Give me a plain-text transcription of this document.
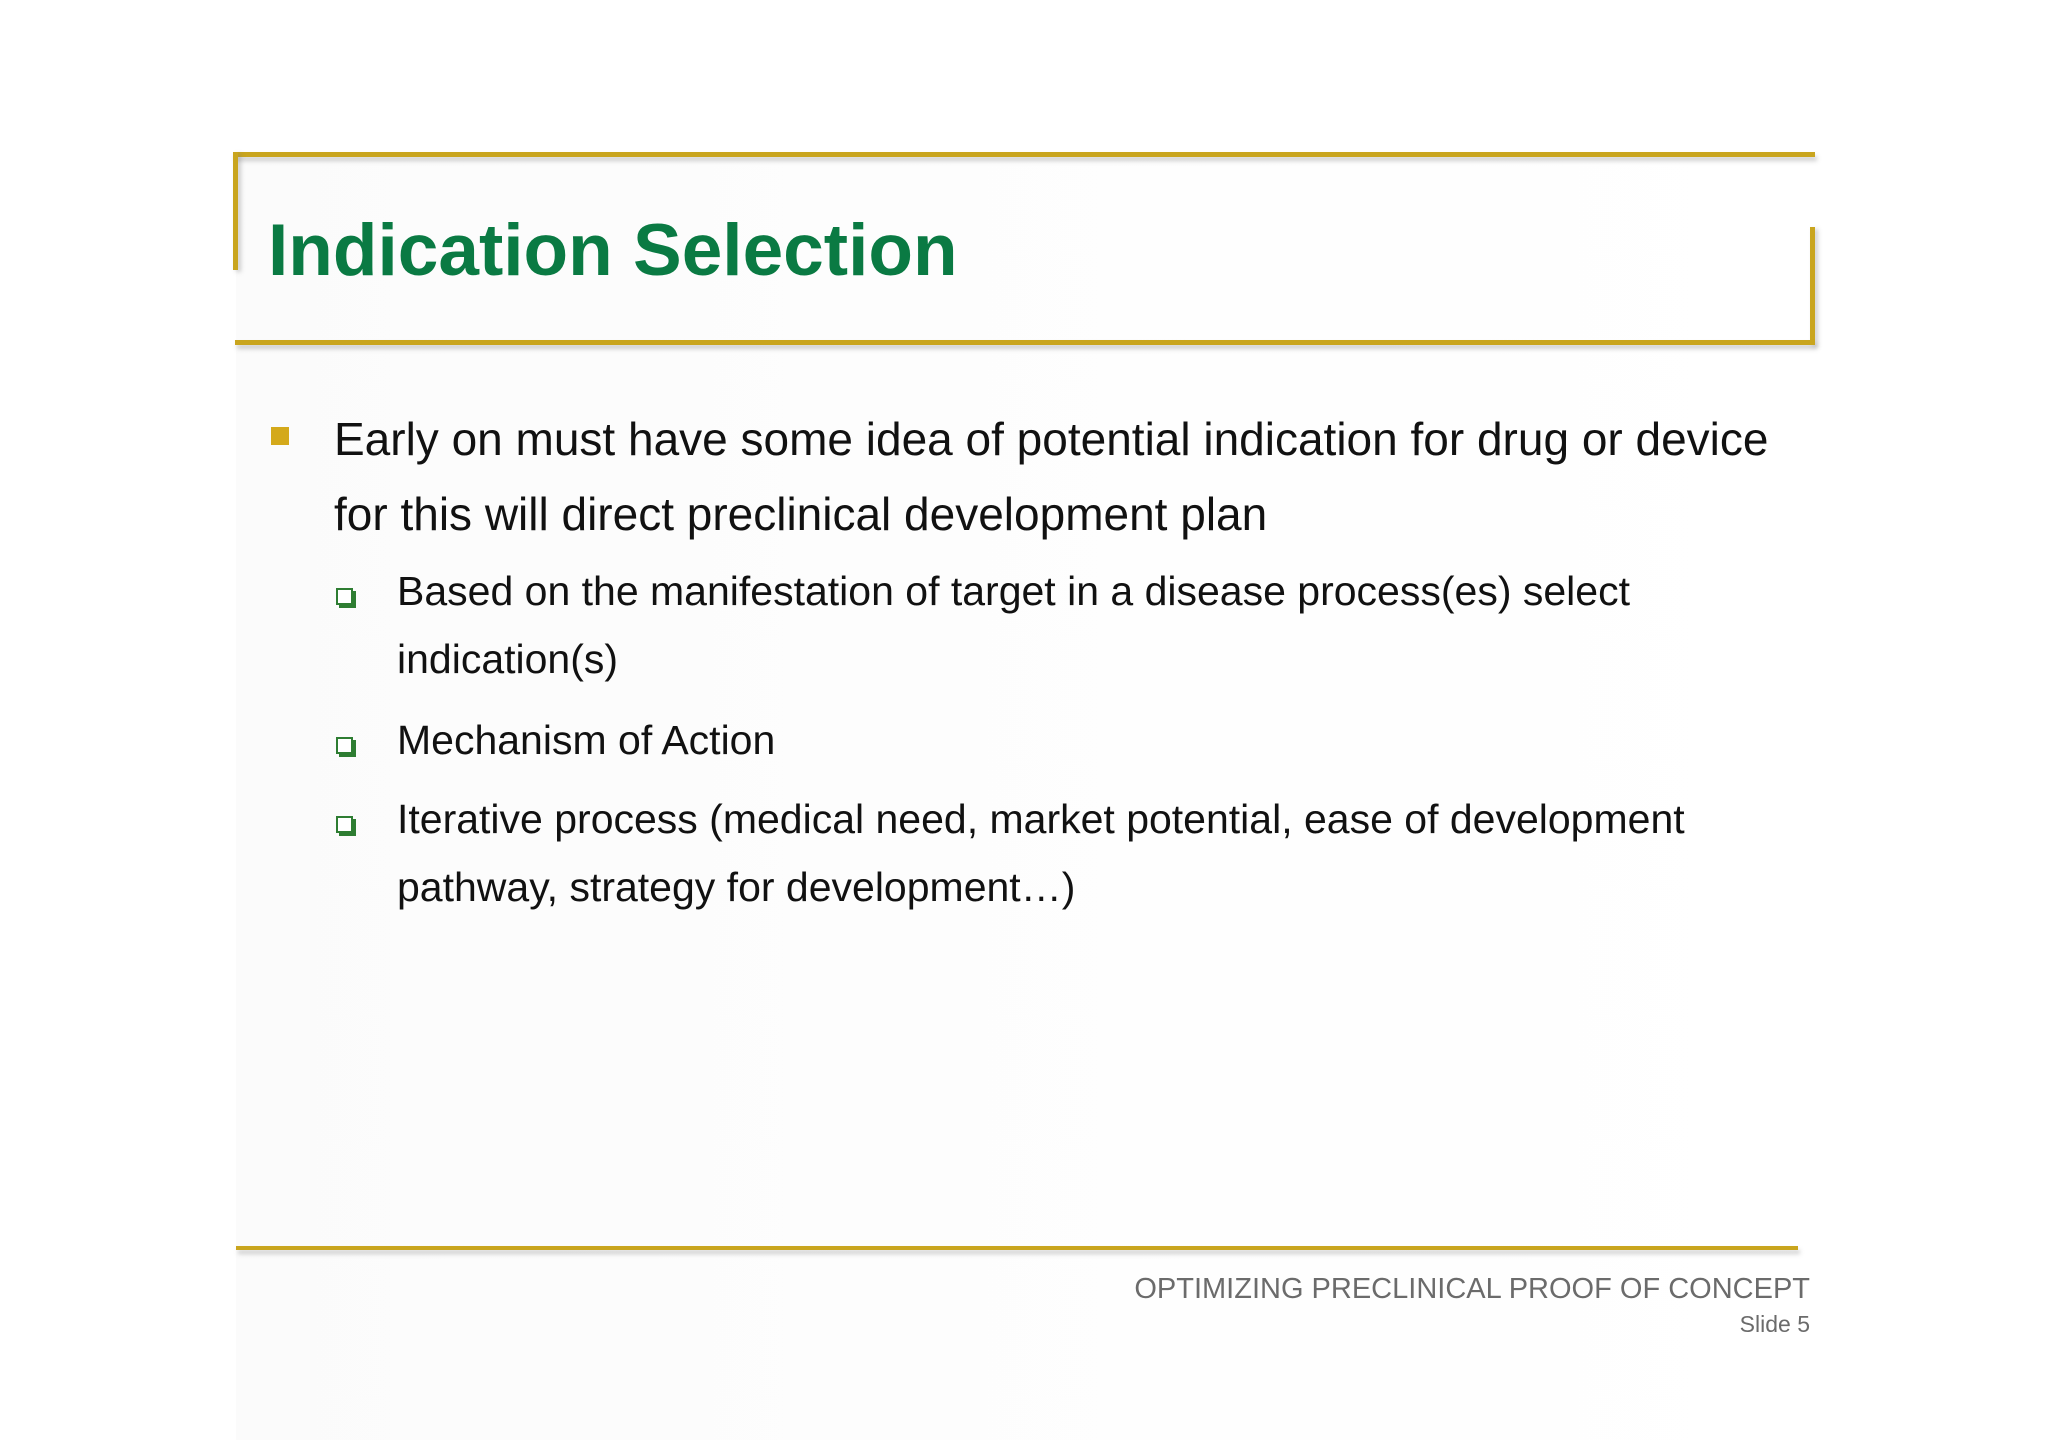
Indication Selection
Early on must have some idea of potential indication for drug or device for this will direct preclinical development plan
Based on the manifestation of target in a disease process(es) select indication(s)
Mechanism of Action
Iterative process (medical need, market potential, ease of development pathway, strategy for development…)
OPTIMIZING PRECLINICAL PROOF OF CONCEPT
Slide 5
